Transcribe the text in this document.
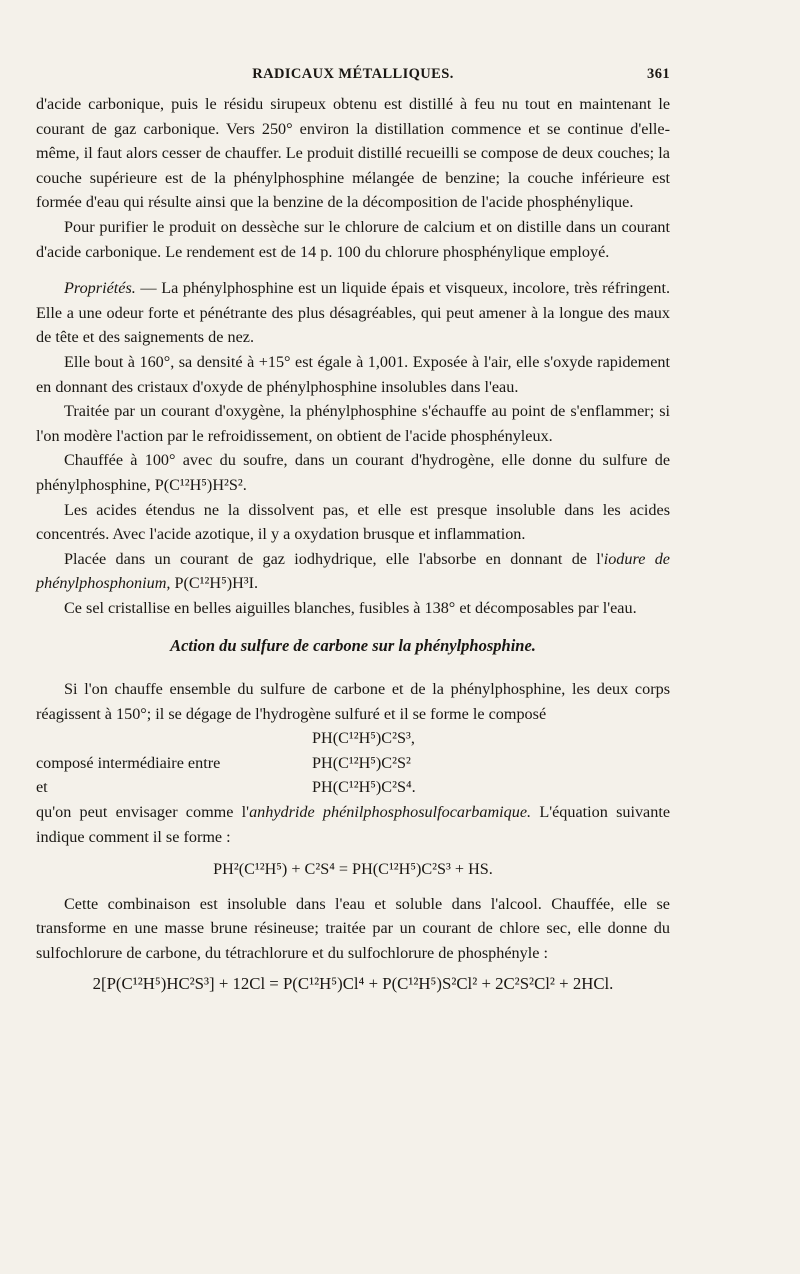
RADICAUX MÉTALLIQUES.	361

d'acide carbonique, puis le résidu sirupeux obtenu est distillé à feu nu tout en maintenant le courant de gaz carbonique. Vers 250° environ la distillation commence et se continue d'elle-même, il faut alors cesser de chauffer. Le produit distillé recueilli se compose de deux couches; la couche supérieure est de la phénylphosphine mélangée de benzine; la couche inférieure est formée d'eau qui résulte ainsi que la benzine de la décomposition de l'acide phosphénylique.

Pour purifier le produit on dessèche sur le chlorure de calcium et on distille dans un courant d'acide carbonique. Le rendement est de 14 p. 100 du chlorure phosphénylique employé.

Propriétés. — La phénylphosphine est un liquide épais et visqueux, incolore, très réfringent. Elle a une odeur forte et pénétrante des plus désagréables, qui peut amener à la longue des maux de tête et des saignements de nez.

Elle bout à 160°, sa densité à +15° est égale à 1,001. Exposée à l'air, elle s'oxyde rapidement en donnant des cristaux d'oxyde de phénylphosphine insolubles dans l'eau.

Traitée par un courant d'oxygène, la phénylphosphine s'échauffe au point de s'enflammer; si l'on modère l'action par le refroidissement, on obtient de l'acide phosphényleux.

Chauffée à 100° avec du soufre, dans un courant d'hydrogène, elle donne du sulfure de phénylphosphine, P(C¹²H⁵)H²S².

Les acides étendus ne la dissolvent pas, et elle est presque insoluble dans les acides concentrés. Avec l'acide azotique, il y a oxydation brusque et inflammation.

Placée dans un courant de gaz iodhydrique, elle l'absorbe en donnant de l'iodure de phénylphosphonium, P(C¹²H⁵)H³I.

Ce sel cristallise en belles aiguilles blanches, fusibles à 138° et décomposables par l'eau.

Action du sulfure de carbone sur la phénylphosphine.

Si l'on chauffe ensemble du sulfure de carbone et de la phénylphosphine, les deux corps réagissent à 150°; il se dégage de l'hydrogène sulfuré et il se forme le composé

PH(C¹²H⁵)C²S³,
composé intermédiaire entre	PH(C¹²H⁵)C²S²
et	PH(C¹²H⁵)C²S⁴.

qu'on peut envisager comme l'anhydride phénilphosphosulfocarbamique. L'équation suivante indique comment il se forme :

PH²(C¹²H⁵) + C²S⁴ = PH(C¹²H⁵)C²S³ + HS.

Cette combinaison est insoluble dans l'eau et soluble dans l'alcool. Chauffée, elle se transforme en une masse brune résineuse; traitée par un courant de chlore sec, elle donne du sulfochlorure de carbone, du tétrachlorure et du sulfochlorure de phosphényle :

2[P(C¹²H⁵)HC²S³] + 12Cl = P(C¹²H⁵)Cl⁴ + P(C¹²H⁵)S²Cl² + 2C²S²Cl² + 2HCl.
